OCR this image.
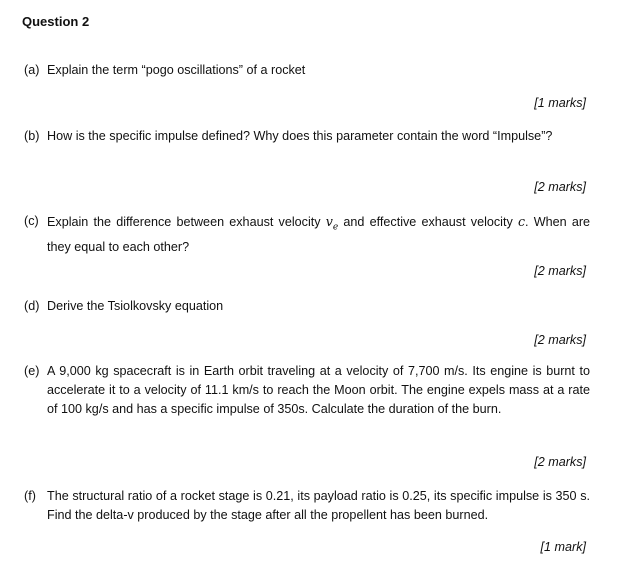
Question 2
(a) Explain the term “pogo oscillations” of a rocket
[1 marks]
(b) How is the specific impulse defined? Why does this parameter contain the word “Impulse”?
[2 marks]
(c) Explain the difference between exhaust velocity $v_e$ and effective exhaust velocity c. When are they equal to each other?
[2 marks]
(d) Derive the Tsiolkovsky equation
[2 marks]
(e) A 9,000 kg spacecraft is in Earth orbit traveling at a velocity of 7,700 m/s. Its engine is burnt to accelerate it to a velocity of 11.1 km/s to reach the Moon orbit. The engine expels mass at a rate of 100 kg/s and has a specific impulse of 350s. Calculate the duration of the burn.
[2 marks]
(f) The structural ratio of a rocket stage is 0.21, its payload ratio is 0.25, its specific impulse is 350 s. Find the delta-v produced by the stage after all the propellent has been burned.
[1 mark]
